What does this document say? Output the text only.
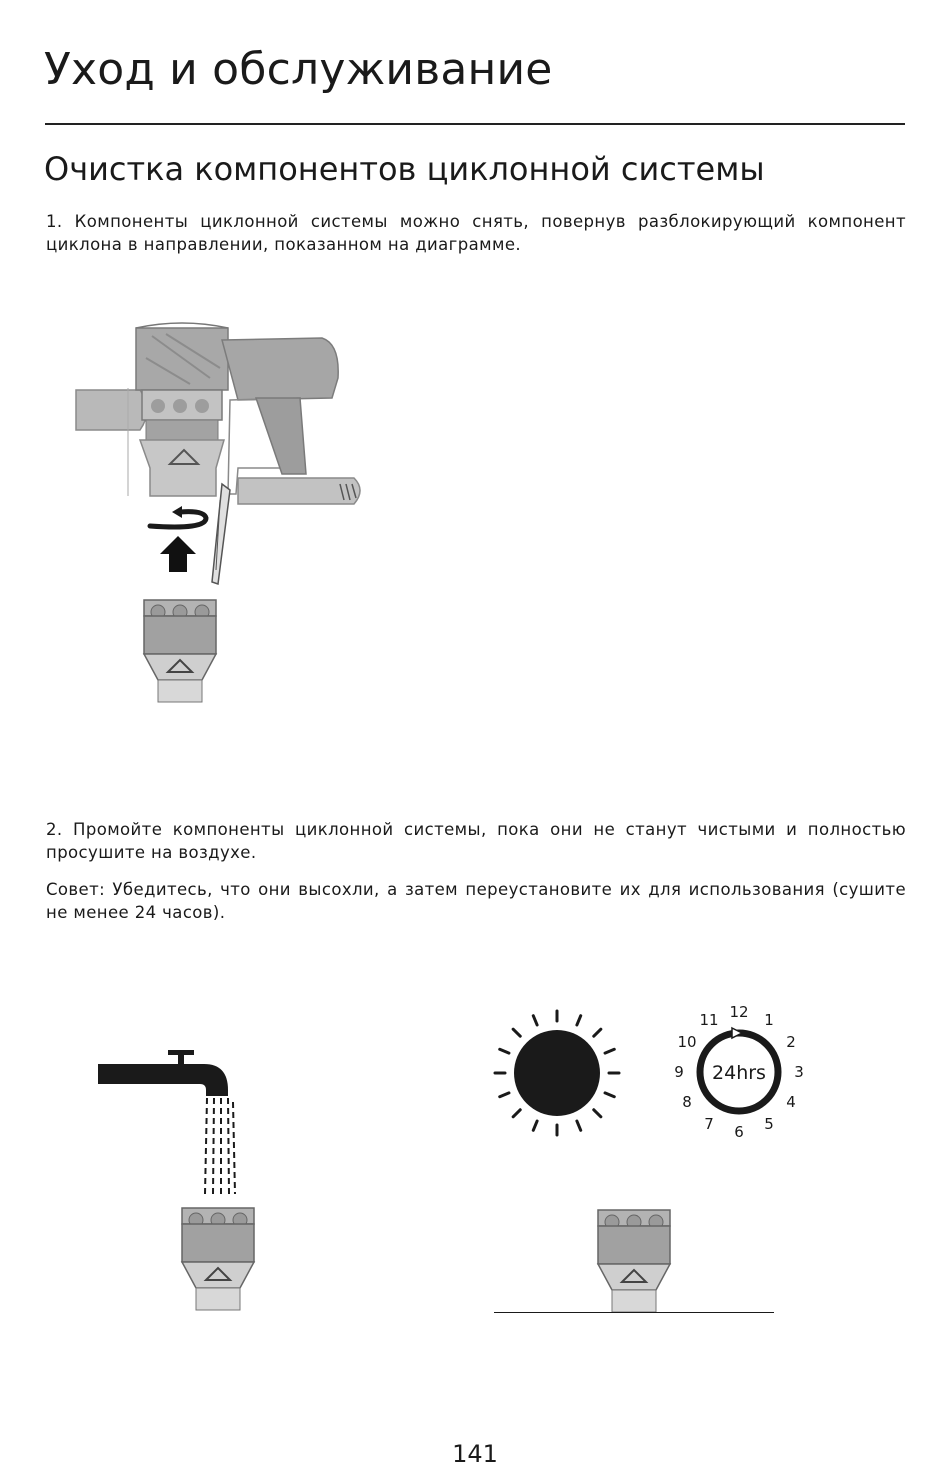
Уход и обслуживание
Очистка компонентов циклонной системы

1. Компоненты циклонной системы можно снять, повернув разблокирующий компонент циклона в направлении, показанном на диаграмме.

2. Промойте компоненты циклонной системы, пока они не станут чистыми и полностью просушите на воздухе.

Совет: Убедитесь, что они высохли, а затем переустановите их для использования (сушите не менее 24 часов).

24hrs
12 1
2
3
4
5
6
7
8
9
10
11
141
